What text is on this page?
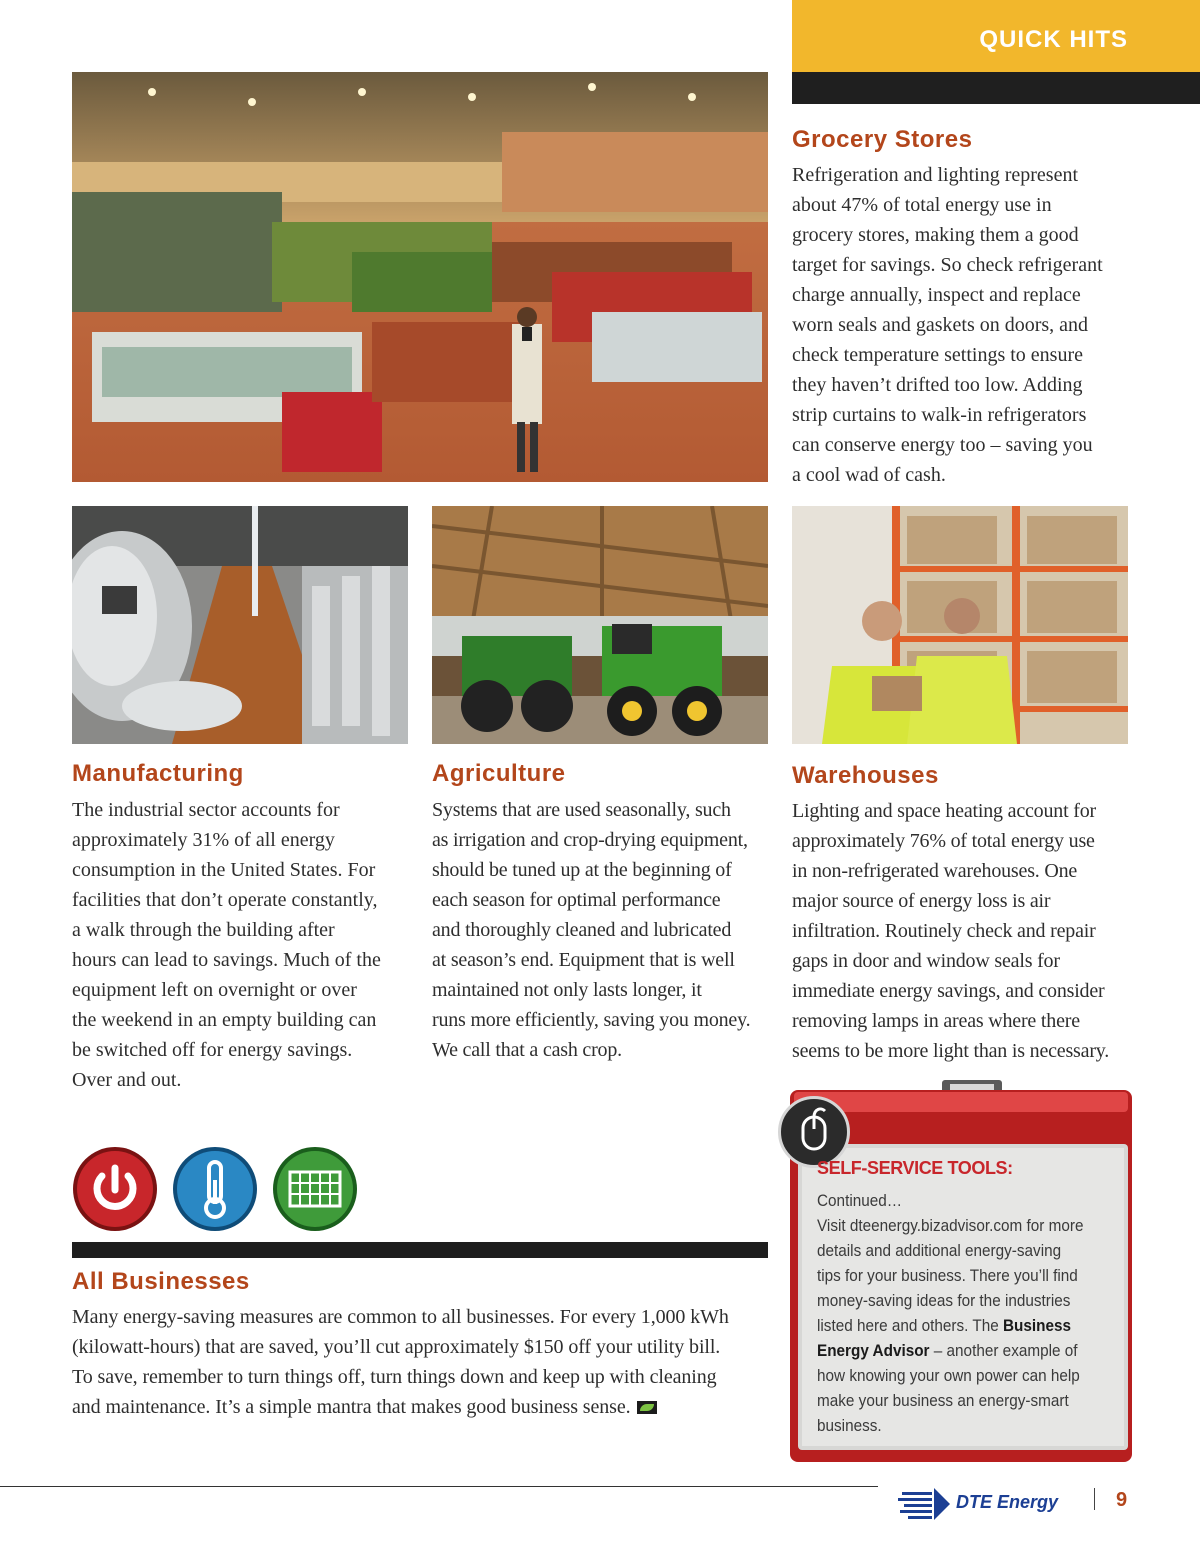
QUICK HITS
Grocery Stores
Refrigeration and lighting represent
about 47% of total energy use in
grocery stores, making them a good
target for savings. So check refrigerant
charge annually, inspect and replace
worn seals and gaskets on doors, and
check temperature settings to ensure
they haven’t drifted too low. Adding
strip curtains to walk-in refrigerators
can conserve energy too – saving you
a cool wad of cash.
Manufacturing
The industrial sector accounts for
approximately 31% of all energy
consumption in the United States. For
facilities that don’t operate constantly,
a walk through the building after
hours can lead to savings. Much of the
equipment left on overnight or over
the weekend in an empty building can
be switched off for energy savings.
Over and out.
Agriculture
Systems that are used seasonally, such
as irrigation and crop-drying equipment,
should be tuned up at the beginning of
each season for optimal performance
and thoroughly cleaned and lubricated
at season’s end. Equipment that is well
maintained not only lasts longer, it
runs more efficiently, saving you money.
We call that a cash crop.
Warehouses
Lighting and space heating account for
approximately 76% of total energy use
in non-refrigerated warehouses. One
major source of energy loss is air
infiltration. Routinely check and repair
gaps in door and window seals for
immediate energy savings, and consider
removing lamps in areas where there
seems to be more light than is necessary.
All Businesses
Many energy-saving measures are common to all businesses. For every 1,000 kWh
(kilowatt-hours) that are saved, you’ll cut approximately $150 off your utility bill.
To save, remember to turn things off, turn things down and keep up with cleaning
and maintenance. It’s a simple mantra that makes good business sense.
SELF-SERVICE TOOLS:
Continued…
Visit dteenergy.bizadvisor.com for more
details and additional energy-saving
tips for your business. There you’ll find
money-saving ideas for the industries
listed here and others. The Business
Energy Advisor – another example of
how knowing your own power can help
make your business an energy-smart
business.
DTE Energy	9
